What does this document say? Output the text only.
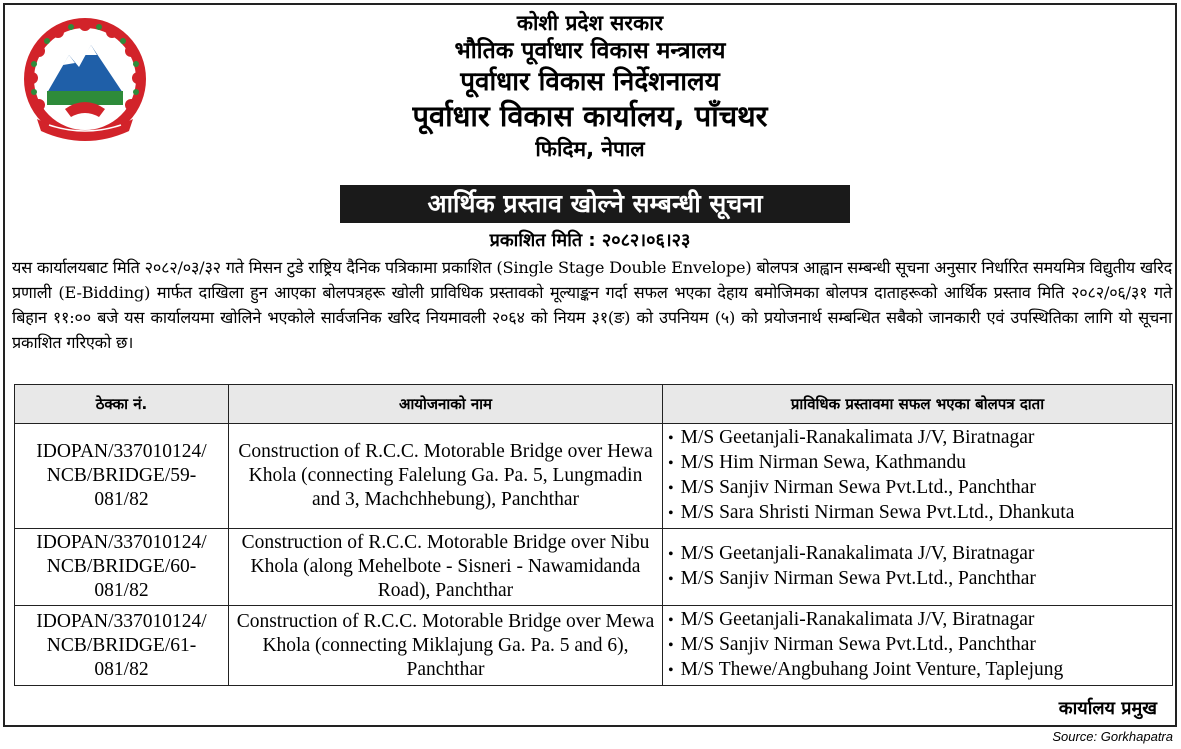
कोशी प्रदेश सरकार
भौतिक पूर्वाधार विकास मन्त्रालय
पूर्वाधार विकास निर्देशनालय
पूर्वाधार विकास कार्यालय, पाँचथर
फिदिम, नेपाल
आर्थिक प्रस्ताव खोल्ने सम्बन्धी सूचना
प्रकाशित मिति : २०८२।०६।२३

यस कार्यालयबाट मिति २०८२/०३/३२ गते मिसन टुडे राष्ट्रिय दैनिक पत्रिकामा प्रकाशित (Single Stage Double Envelope) बोलपत्र आह्वान सम्बन्धी सूचना अनुसार निर्धारित समयमित्र विद्युतीय खरिद प्रणाली (E-Bidding) मार्फत दाखिला हुन आएका बोलपत्रहरू खोली प्राविधिक प्रस्तावको मूल्याङ्कन गर्दा सफल भएका देहाय बमोजिमका बोलपत्र दाताहरूको आर्थिक प्रस्ताव मिति २०८२/०६/३१ गते बिहान ११:०० बजे यस कार्यालयमा खोलिने भएकोले सार्वजनिक खरिद नियमावली २०६४ को नियम ३१(ङ) को उपनियम (५) को प्रयोजनार्थ सम्बन्धित सबैको जानकारी एवं उपस्थितिका लागि यो सूचना प्रकाशित गरिएको छ।

ठेक्का नं.	आयोजनाको नाम	प्राविधिक प्रस्तावमा सफल भएका बोलपत्र दाता
IDOPAN/337010124/ NCB/BRIDGE/59- 081/82	Construction of R.C.C. Motorable Bridge over Hewa Khola (connecting Falelung Ga. Pa. 5, Lungmadin and 3, Machchhebung), Panchthar	• M/S Geetanjali-Ranakalimata J/V, Biratnagar
• M/S Him Nirman Sewa, Kathmandu
• M/S Sanjiv Nirman Sewa Pvt.Ltd., Panchthar
• M/S Sara Shristi Nirman Sewa Pvt.Ltd., Dhankuta

IDOPAN/337010124/ NCB/BRIDGE/60- 081/82	Construction of R.C.C. Motorable Bridge over Nibu Khola (along Mehelbote - Sisneri - Nawamidanda Road), Panchthar	• M/S Geetanjali-Ranakalimata J/V, Biratnagar
• M/S Sanjiv Nirman Sewa Pvt.Ltd., Panchthar

IDOPAN/337010124/ NCB/BRIDGE/61- 081/82	Construction of R.C.C. Motorable Bridge over Mewa Khola (connecting Miklajung Ga. Pa. 5 and 6), Panchthar	• M/S Geetanjali-Ranakalimata J/V, Biratnagar
• M/S Sanjiv Nirman Sewa Pvt.Ltd., Panchthar
• M/S Thewe/Angbuhang Joint Venture, Taplejung
कार्यालय प्रमुख
Source: Gorkhapatra
